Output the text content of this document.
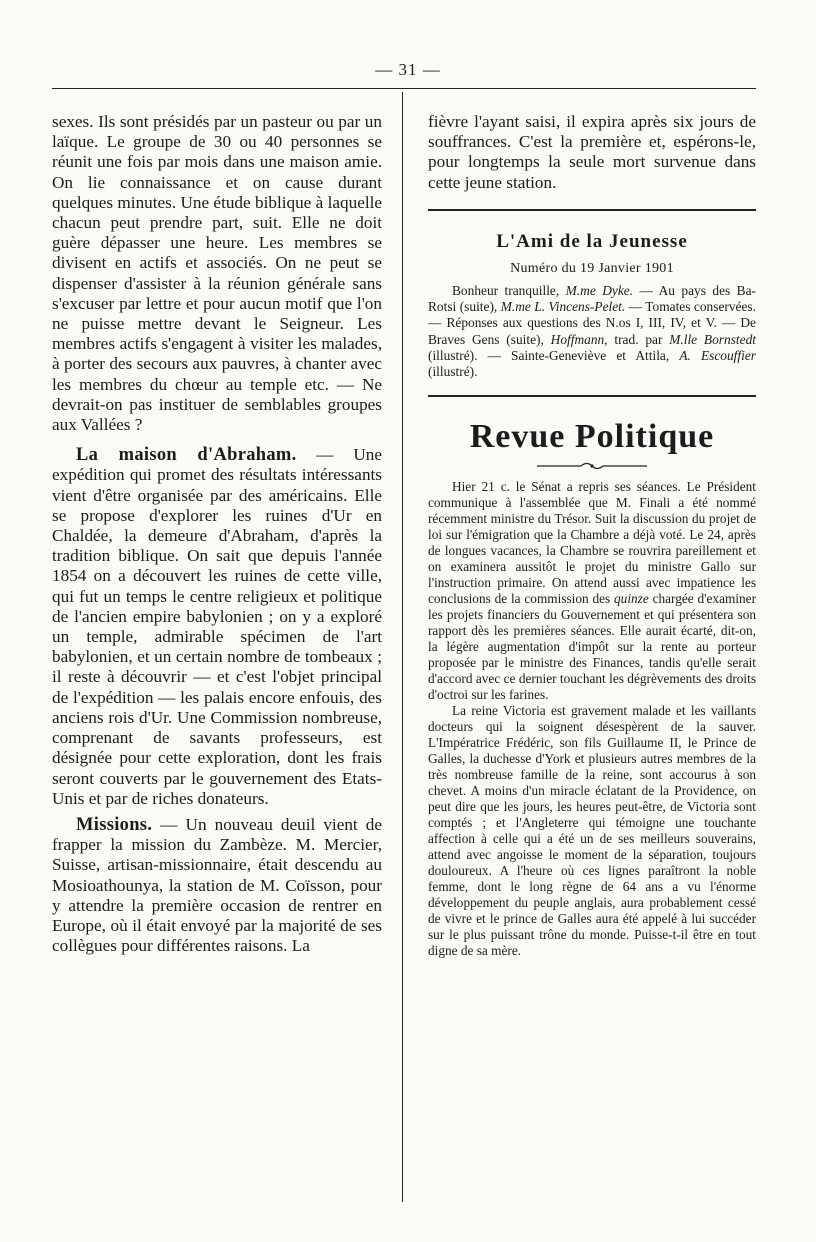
— 31 —

sexes. Ils sont présidés par un pasteur ou par un laïque. Le groupe de 30 ou 40 personnes se réunit une fois par mois dans une maison amie. On lie connaissance et on cause durant quelques minutes. Une étude biblique à laquelle chacun peut prendre part, suit. Elle ne doit guère dépasser une heure. Les membres se divisent en actifs et associés. On ne peut se dispenser d'assister à la réunion générale sans s'excuser par lettre et pour aucun motif que l'on ne puisse mettre devant le Seigneur. Les membres actifs s'engagent à visiter les malades, à porter des secours aux pauvres, à chanter avec les membres du chœur au temple etc. — Ne devrait-on pas instituer de semblables groupes aux Vallées ?

La maison d'Abraham. — Une expédition qui promet des résultats intéressants vient d'être organisée par des américains. Elle se propose d'explorer les ruines d'Ur en Chaldée, la demeure d'Abraham, d'après la tradition biblique. On sait que depuis l'année 1854 on a découvert les ruines de cette ville, qui fut un temps le centre religieux et politique de l'ancien empire babylonien ; on y a exploré un temple, admirable spécimen de l'art babylonien, et un certain nombre de tombeaux ; il reste à découvrir — et c'est l'objet principal de l'expédition — les palais encore enfouis, des anciens rois d'Ur. Une Commission nombreuse, comprenant de savants professeurs, est désignée pour cette exploration, dont les frais seront couverts par le gouvernement des Etats-Unis et par de riches donateurs.

Missions. — Un nouveau deuil vient de frapper la mission du Zambèze. M. Mercier, Suisse, artisan-missionnaire, était descendu au Mosioathounya, la station de M. Coïsson, pour y attendre la première occasion de rentrer en Europe, où il était envoyé par la majorité de ses collègues pour différentes raisons. La

fièvre l'ayant saisi, il expira après six jours de souffrances. C'est la première et, espérons-le, pour longtemps la seule mort survenue dans cette jeune station.

L'Ami de la Jeunesse
Numéro du 19 Janvier 1901

Bonheur tranquille, M.me Dyke. — Au pays des Ba-Rotsi (suite), M.me L. Vincens-Pelet. — Tomates conservées. — Réponses aux questions des N.os I, III, IV, et V. — De Braves Gens (suite), Hoffmann, trad. par M.lle Bornstedt (illustré). — Sainte-Geneviève et Attila, A. Escouffier (illustré).

Revue Politique

Hier 21 c. le Sénat a repris ses séances. Le Président communique à l'assemblée que M. Finali a été nommé récemment ministre du Trésor. Suit la discussion du projet de loi sur l'émigration que la Chambre a déjà voté. Le 24, après de longues vacances, la Chambre se rouvrira pareillement et on examinera aussitôt le projet du ministre Gallo sur l'instruction primaire. On attend aussi avec impatience les conclusions de la commission des quinze chargée d'examiner les projets financiers du Gouvernement et qui présentera son rapport dès les premières séances. Elle aurait écarté, dit-on, la légère augmentation d'impôt sur la rente au porteur proposée par le ministre des Finances, tandis qu'elle serait d'accord avec ce dernier touchant les dégrèvements des droits d'octroi sur les farines.

La reine Victoria est gravement malade et les vaillants docteurs qui la soignent désespèrent de la sauver. L'Impératrice Frédéric, son fils Guillaume II, le Prince de Galles, la duchesse d'York et plusieurs autres membres de la très nombreuse famille de la reine, sont accourus à son chevet. A moins d'un miracle éclatant de la Providence, on peut dire que les jours, les heures peut-être, de Victoria sont comptés ; et l'Angleterre qui témoigne une touchante affection à celle qui a été un de ses meilleurs souverains, attend avec angoisse le moment de la séparation, toujours douloureux. A l'heure où ces lignes paraîtront la noble femme, dont le long règne de 64 ans a vu l'énorme développement du peuple anglais, aura probablement cessé de vivre et le prince de Galles aura été appelé à lui succéder sur le plus puissant trône du monde. Puisse-t-il être en tout digne de sa mère.
